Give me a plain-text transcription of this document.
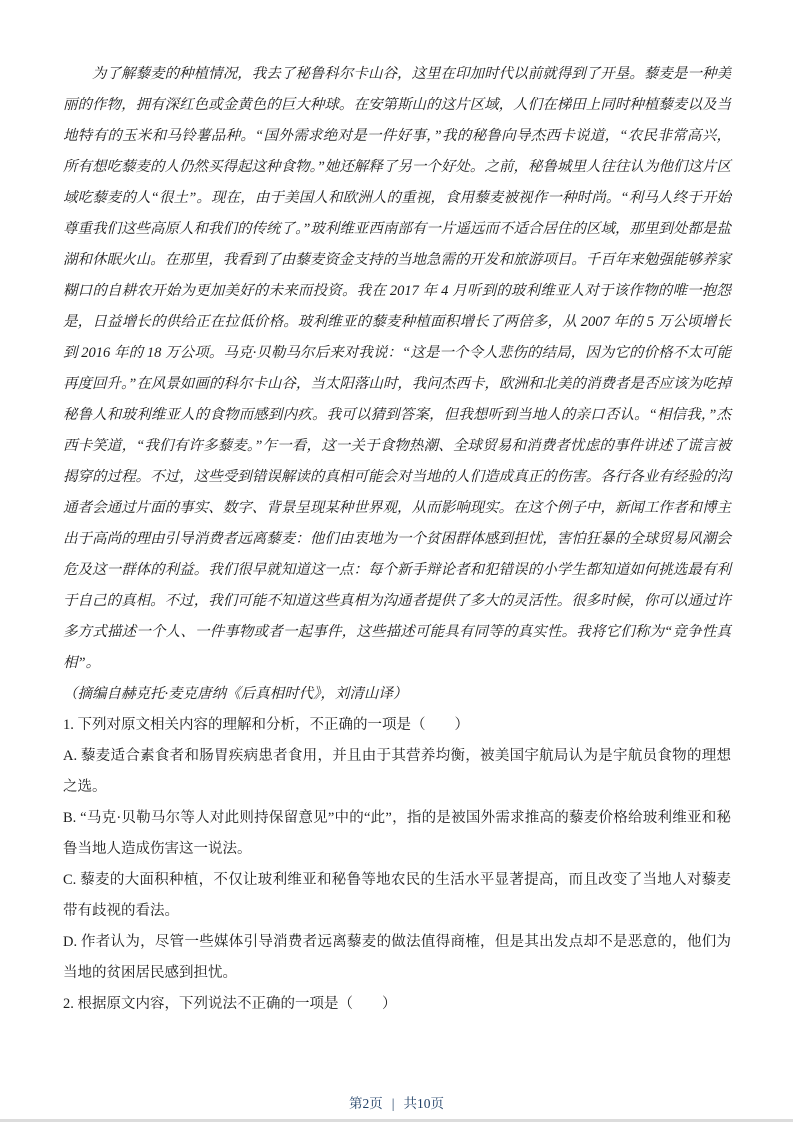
为了解藜麦的种植情况，我去了秘鲁科尔卡山谷，这里在印加时代以前就得到了开垦。藜麦是一种美丽的作物，拥有深红色或金黄色的巨大种球。在安第斯山的这片区域，人们在梯田上同时种植藜麦以及当地特有的玉米和马铃薯品种。“国外需求绝对是一件好事，”我的秘鲁向导杰西卡说道，“农民非常高兴，所有想吃藜麦的人仍然买得起这种食物。”她还解释了另一个好处。之前，秘鲁城里人往往认为他们这片区域吃藜麦的人“很土”。现在，由于美国人和欧洲人的重视，食用藜麦被视作一种时尚。“利马人终于开始尊重我们这些高原人和我们的传统了。”玻利维亚西南部有一片遥远而不适合居住的区域，那里到处都是盐湖和休眠火山。在那里，我看到了由藜麦资金支持的当地急需的开发和旅游项目。千百年来勉强能够养家糊口的自耕农开始为更加美好的未来而投资。我在 2017 年 4 月听到的玻利维亚人对于该作物的唯一抱怨是，日益增长的供给正在拉低价格。玻利维亚的藜麦种植面积增长了两倍多，从 2007 年的 5 万公顷增长到 2016 年的 18 万公项。马克·贝勒马尔后来对我说：“这是一个令人悲伤的结局，因为它的价格不太可能再度回升。”在风景如画的科尔卡山谷，当太阳落山时，我问杰西卡，欧洲和北美的消费者是否应该为吃掉秘鲁人和玻利维亚人的食物而感到内疚。我可以猜到答案，但我想听到当地人的亲口否认。“相信我，”杰西卡笑道，“我们有许多藜麦。”乍一看，这一关于食物热潮、全球贸易和消费者忧虑的事件讲述了谎言被揭穿的过程。不过，这些受到错误解读的真相可能会对当地的人们造成真正的伤害。各行各业有经验的沟通者会通过片面的事实、数字、背景呈现某种世界观，从而影响现实。在这个例子中，新闻工作者和博主出于高尚的理由引导消费者远离藜麦：他们由衷地为一个贫困群体感到担忧，害怕狂暴的全球贸易风潮会危及这一群体的利益。我们很早就知道这一点：每个新手辩论者和犯错误的小学生都知道如何挑选最有利于自己的真相。不过，我们可能不知道这些真相为沟通者提供了多大的灵活性。很多时候，你可以通过许多方式描述一个人、一件事物或者一起事件，这些描述可能具有同等的真实性。我将它们称为“竞争性真相”。

（摘编自赫克托·麦克唐纳《后真相时代》，刘清山译）

1. 下列对原文相关内容的理解和分析，不正确的一项是（　　）

A. 藜麦适合素食者和肠胃疾病患者食用，并且由于其营养均衡，被美国宇航局认为是宇航员食物的理想之选。

B. “马克·贝勒马尔等人对此则持保留意见”中的“此”，指的是被国外需求推高的藜麦价格给玻利维亚和秘鲁当地人造成伤害这一说法。

C. 藜麦的大面积种植，不仅让玻利维亚和秘鲁等地农民的生活水平显著提高，而且改变了当地人对藜麦带有歧视的看法。

D. 作者认为，尽管一些媒体引导消费者远离藜麦的做法值得商榷，但是其出发点却不是恶意的，他们为当地的贫困居民感到担忧。

2. 根据原文内容，下列说法不正确的一项是（　　）

第2页 | 共10页
